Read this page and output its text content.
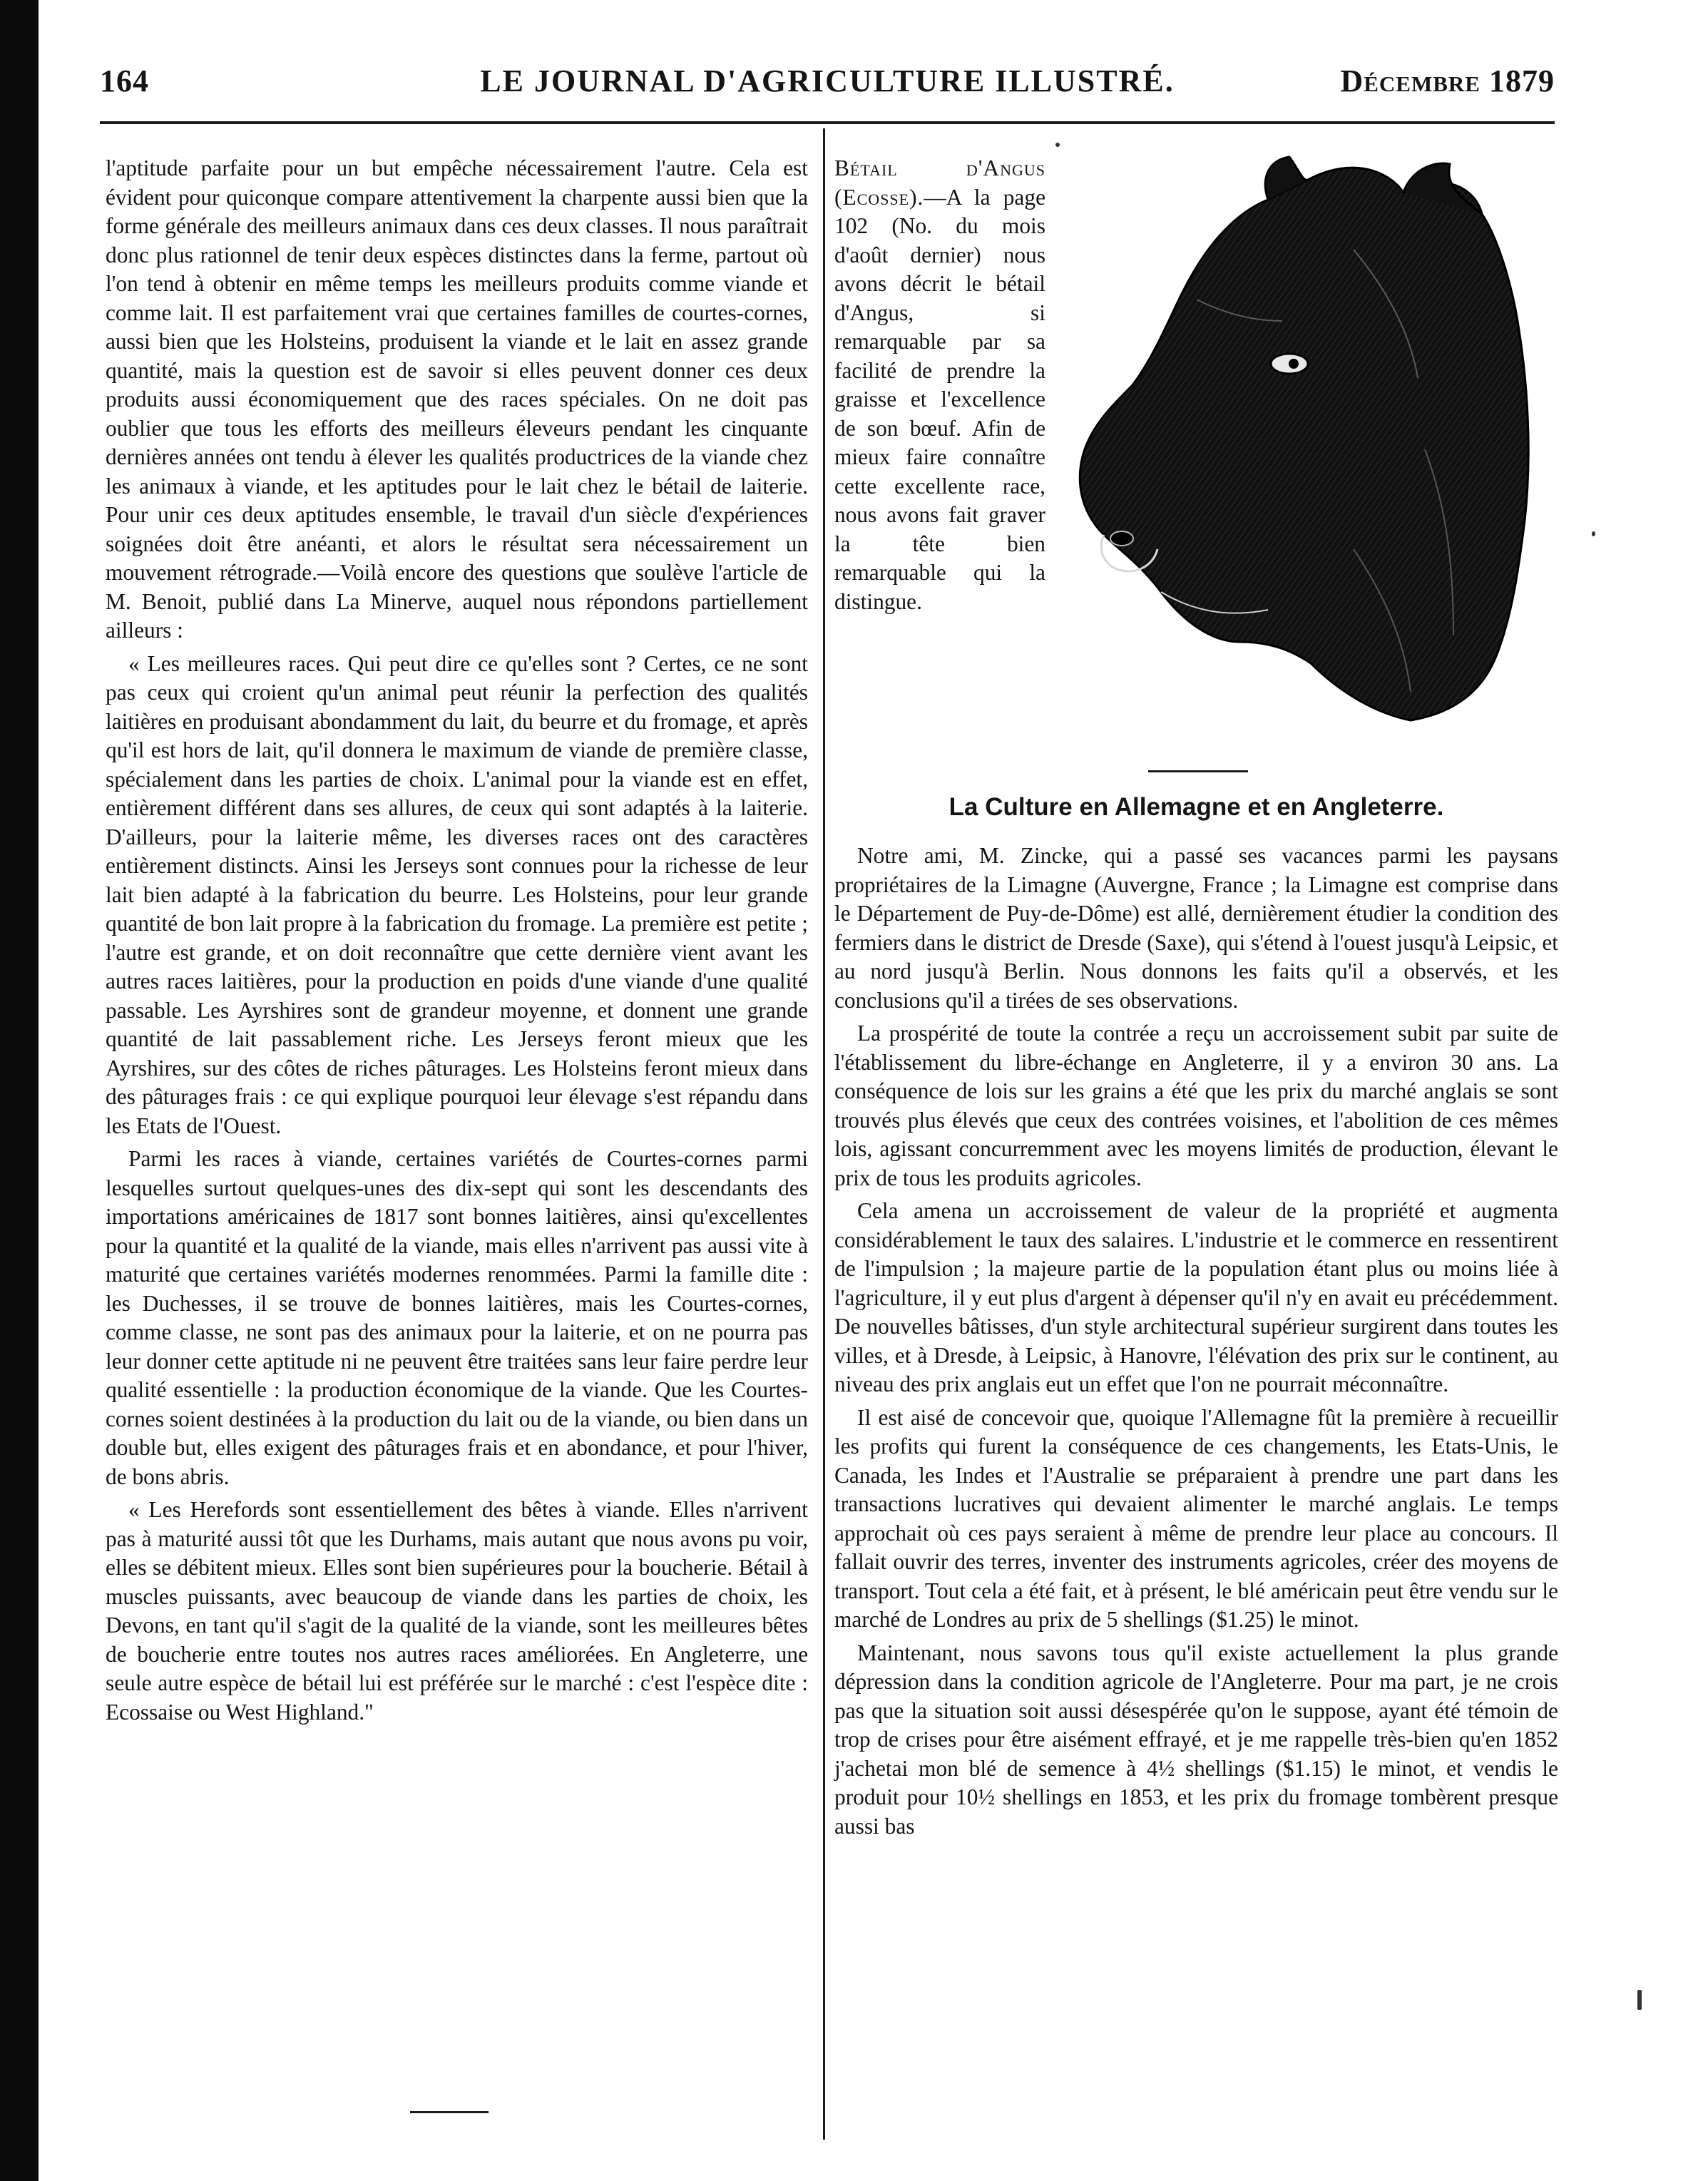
164	LE JOURNAL D'AGRICULTURE ILLUSTRÉ.	Décembre 1879

l'aptitude parfaite pour un but empêche nécessairement l'autre. Cela est évident pour quiconque compare attentivement la charpente aussi bien que la forme générale des meilleurs animaux dans ces deux classes. Il nous paraîtrait donc plus rationnel de tenir deux espèces distinctes dans la ferme, partout où l'on tend à obtenir en même temps les meilleurs produits comme viande et comme lait. Il est parfaitement vrai que certaines familles de courtes-cornes, aussi bien que les Holsteins, produisent la viande et le lait en assez grande quantité, mais la question est de savoir si elles peuvent donner ces deux produits aussi économiquement que des races spéciales. On ne doit pas oublier que tous les efforts des meilleurs éleveurs pendant les cinquante dernières années ont tendu à élever les qualités productrices de la viande chez les animaux à viande, et les aptitudes pour le lait chez le bétail de laiterie. Pour unir ces deux aptitudes ensemble, le travail d'un siècle d'expériences soignées doit être anéanti, et alors le résultat sera nécessairement un mouvement rétrograde.—Voilà encore des questions que soulève l'article de M. Benoit, publié dans La Minerve, auquel nous répondons partiellement ailleurs :

« Les meilleures races. Qui peut dire ce qu'elles sont ? Certes, ce ne sont pas ceux qui croient qu'un animal peut réunir la perfection des qualités laitières en produisant abondamment du lait, du beurre et du fromage, et après qu'il est hors de lait, qu'il donnera le maximum de viande de première classe, spécialement dans les parties de choix. L'animal pour la viande est en effet, entièrement différent dans ses allures, de ceux qui sont adaptés à la laiterie. D'ailleurs, pour la laiterie même, les diverses races ont des caractères entièrement distincts. Ainsi les Jerseys sont connues pour la richesse de leur lait bien adapté à la fabrication du beurre. Les Holsteins, pour leur grande quantité de bon lait propre à la fabrication du fromage. La première est petite ; l'autre est grande, et on doit reconnaître que cette dernière vient avant les autres races laitières, pour la production en poids d'une viande d'une qualité passable. Les Ayrshires sont de grandeur moyenne, et donnent une grande quantité de lait passablement riche. Les Jerseys feront mieux que les Ayrshires, sur des côtes de riches pâturages. Les Holsteins feront mieux dans des pâturages frais : ce qui explique pourquoi leur élevage s'est répandu dans les Etats de l'Ouest.

Parmi les races à viande, certaines variétés de Courtes-cornes parmi lesquelles surtout quelques-unes des dix-sept qui sont les descendants des importations américaines de 1817 sont bonnes laitières, ainsi qu'excellentes pour la quantité et la qualité de la viande, mais elles n'arrivent pas aussi vite à maturité que certaines variétés modernes renommées. Parmi la famille dite : les Duchesses, il se trouve de bonnes laitières, mais les Courtes-cornes, comme classe, ne sont pas des animaux pour la laiterie, et on ne pourra pas leur donner cette aptitude ni ne peuvent être traitées sans leur faire perdre leur qualité essentielle : la production économique de la viande. Que les Courtes-cornes soient destinées à la production du lait ou de la viande, ou bien dans un double but, elles exigent des pâturages frais et en abondance, et pour l'hiver, de bons abris.

« Les Herefords sont essentiellement des bêtes à viande. Elles n'arrivent pas à maturité aussi tôt que les Durhams, mais autant que nous avons pu voir, elles se débitent mieux. Elles sont bien supérieures pour la boucherie. Bétail à muscles puissants, avec beaucoup de viande dans les parties de choix, les Devons, en tant qu'il s'agit de la qualité de la viande, sont les meilleures bêtes de boucherie entre toutes nos autres races améliorées. En Angleterre, une seule autre espèce de bétail lui est préférée sur le marché : c'est l'espèce dite : Ecossaise ou West Highland."

Bétail d'Angus (Ecosse).—A la page 102 (No. du mois d'août dernier) nous avons décrit le bétail d'Angus, si remarquable par sa facilité de prendre la graisse et l'excellence de son bœuf. Afin de mieux faire connaître cette excellente race, nous avons fait graver la tête bien remarquable qui la distingue.
La Culture en Allemagne et en Angleterre.

Notre ami, M. Zincke, qui a passé ses vacances parmi les paysans propriétaires de la Limagne (Auvergne, France ; la Limagne est comprise dans le Département de Puy-de-Dôme) est allé, dernièrement étudier la condition des fermiers dans le district de Dresde (Saxe), qui s'étend à l'ouest jusqu'à Leipsic, et au nord jusqu'à Berlin. Nous donnons les faits qu'il a observés, et les conclusions qu'il a tirées de ses observations.

La prospérité de toute la contrée a reçu un accroissement subit par suite de l'établissement du libre-échange en Angleterre, il y a environ 30 ans. La conséquence de lois sur les grains a été que les prix du marché anglais se sont trouvés plus élevés que ceux des contrées voisines, et l'abolition de ces mêmes lois, agissant concurremment avec les moyens limités de production, élevant le prix de tous les produits agricoles.

Cela amena un accroissement de valeur de la propriété et augmenta considérablement le taux des salaires. L'industrie et le commerce en ressentirent de l'impulsion ; la majeure partie de la population étant plus ou moins liée à l'agriculture, il y eut plus d'argent à dépenser qu'il n'y en avait eu précédemment. De nouvelles bâtisses, d'un style architectural supérieur surgirent dans toutes les villes, et à Dresde, à Leipsic, à Hanovre, l'élévation des prix sur le continent, au niveau des prix anglais eut un effet que l'on ne pourrait méconnaître.

Il est aisé de concevoir que, quoique l'Allemagne fût la première à recueillir les profits qui furent la conséquence de ces changements, les Etats-Unis, le Canada, les Indes et l'Australie se préparaient à prendre une part dans les transactions lucratives qui devaient alimenter le marché anglais. Le temps approchait où ces pays seraient à même de prendre leur place au concours. Il fallait ouvrir des terres, inventer des instruments agricoles, créer des moyens de transport. Tout cela a été fait, et à présent, le blé américain peut être vendu sur le marché de Londres au prix de 5 shellings ($1.25) le minot.

Maintenant, nous savons tous qu'il existe actuellement la plus grande dépression dans la condition agricole de l'Angleterre. Pour ma part, je ne crois pas que la situation soit aussi désespérée qu'on le suppose, ayant été témoin de trop de crises pour être aisément effrayé, et je me rappelle très-bien qu'en 1852 j'achetai mon blé de semence à 4½ shellings ($1.15) le minot, et vendis le produit pour 10½ shellings en 1853, et les prix du fromage tombèrent presque aussi bas
